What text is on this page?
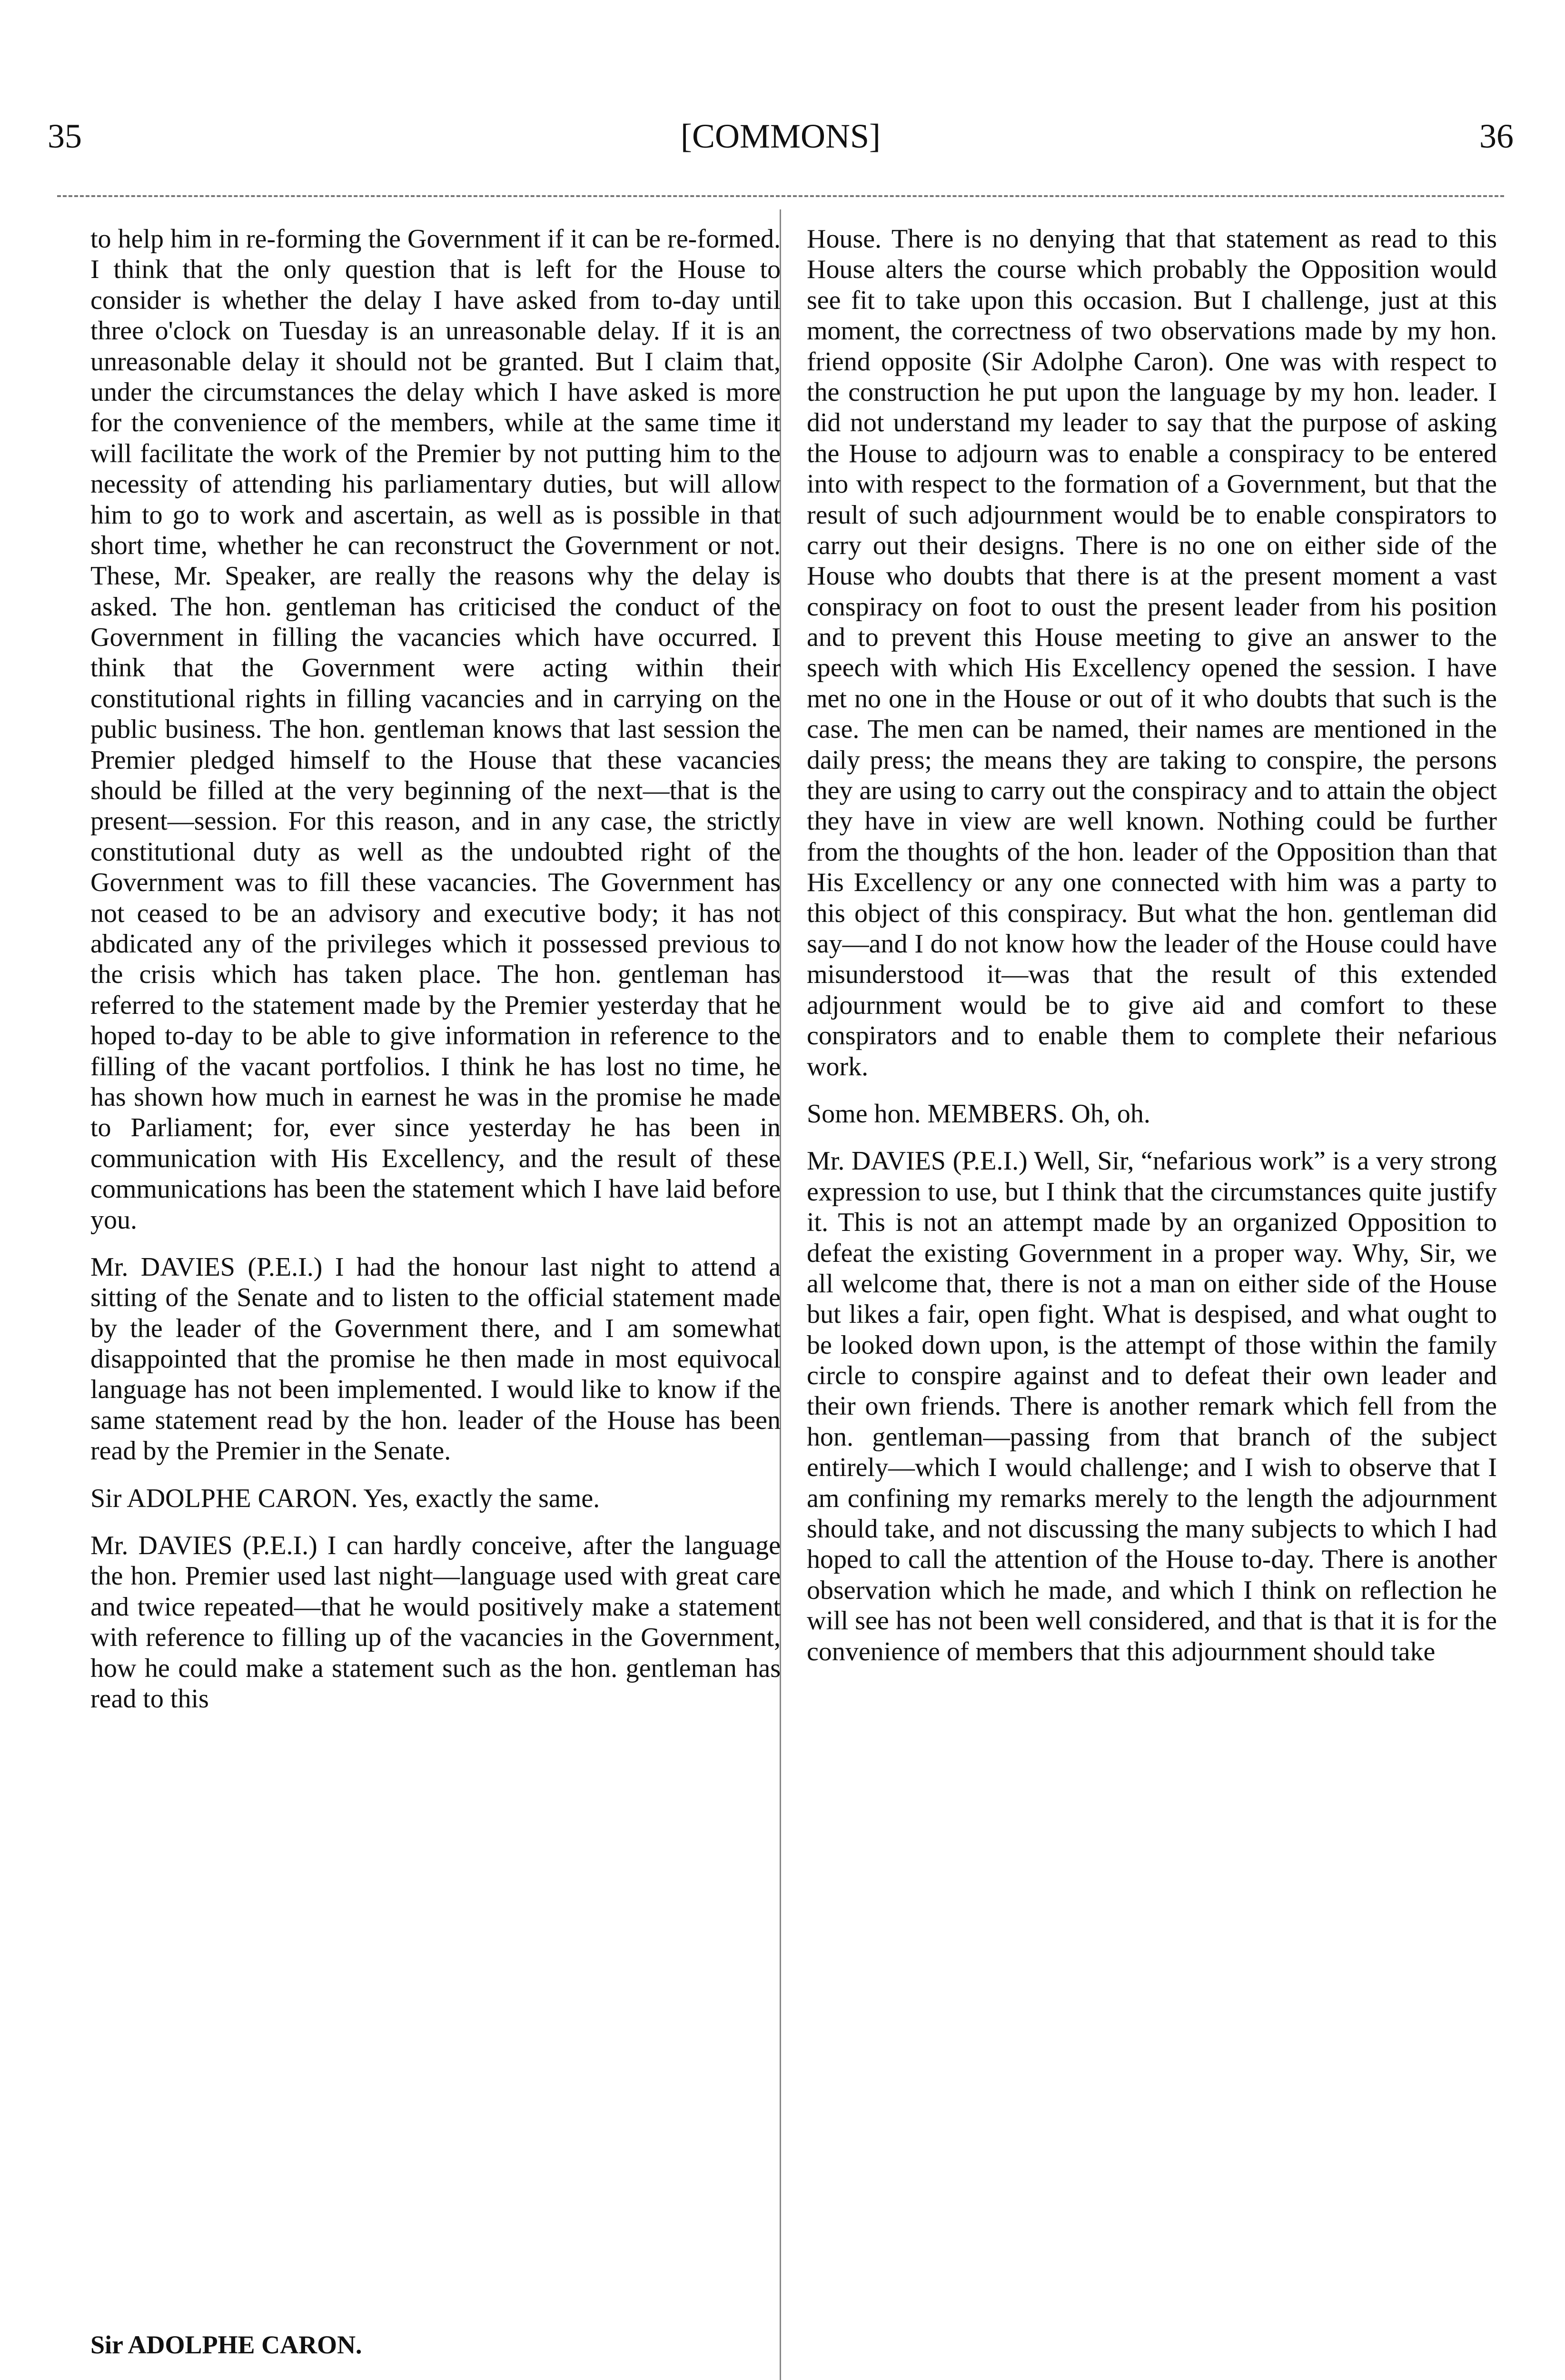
35	[COMMONS]	36

to help him in re-forming the Government if it can be re-formed. I think that the only question that is left for the House to consider is whether the delay I have asked from to-day until three o'clock on Tuesday is an unreasonable delay. If it is an unreasonable delay it should not be granted. But I claim that, under the circumstances the delay which I have asked is more for the convenience of the members, while at the same time it will facilitate the work of the Premier by not putting him to the necessity of attending his parliamentary duties, but will allow him to go to work and ascertain, as well as is possible in that short time, whether he can reconstruct the Government or not. These, Mr. Speaker, are really the reasons why the delay is asked. The hon. gentleman has criticised the conduct of the Government in filling the vacancies which have occurred. I think that the Government were acting within their constitutional rights in filling vacancies and in carrying on the public business. The hon. gentleman knows that last session the Premier pledged himself to the House that these vacancies should be filled at the very beginning of the next—that is the present—session. For this reason, and in any case, the strictly constitutional duty as well as the undoubted right of the Government was to fill these vacancies. The Government has not ceased to be an advisory and executive body; it has not abdicated any of the privileges which it possessed previous to the crisis which has taken place. The hon. gentleman has referred to the statement made by the Premier yesterday that he hoped to-day to be able to give information in reference to the filling of the vacant portfolios. I think he has lost no time, he has shown how much in earnest he was in the promise he made to Parliament; for, ever since yesterday he has been in communication with His Excellency, and the result of these communications has been the statement which I have laid before you.

Mr. DAVIES (P.E.I.) I had the honour last night to attend a sitting of the Senate and to listen to the official statement made by the leader of the Government there, and I am somewhat disappointed that the promise he then made in most equivocal language has not been implemented. I would like to know if the same statement read by the hon. leader of the House has been read by the Premier in the Senate.

Sir ADOLPHE CARON. Yes, exactly the same.

Mr. DAVIES (P.E.I.) I can hardly conceive, after the language the hon. Premier used last night—language used with great care and twice repeated—that he would positively make a statement with reference to filling up of the vacancies in the Government, how he could make a statement such as the hon. gentleman has read to this

House. There is no denying that that statement as read to this House alters the course which probably the Opposition would see fit to take upon this occasion. But I challenge, just at this moment, the correctness of two observations made by my hon. friend opposite (Sir Adolphe Caron). One was with respect to the construction he put upon the language by my hon. leader. I did not understand my leader to say that the purpose of asking the House to adjourn was to enable a conspiracy to be entered into with respect to the formation of a Government, but that the result of such adjournment would be to enable conspirators to carry out their designs. There is no one on either side of the House who doubts that there is at the present moment a vast conspiracy on foot to oust the present leader from his position and to prevent this House meeting to give an answer to the speech with which His Excellency opened the session. I have met no one in the House or out of it who doubts that such is the case. The men can be named, their names are mentioned in the daily press; the means they are taking to conspire, the persons they are using to carry out the conspiracy and to attain the object they have in view are well known. Nothing could be further from the thoughts of the hon. leader of the Opposition than that His Excellency or any one connected with him was a party to this object of this conspiracy. But what the hon. gentleman did say—and I do not know how the leader of the House could have misunderstood it—was that the result of this extended adjournment would be to give aid and comfort to these conspirators and to enable them to complete their nefarious work.

Some hon. MEMBERS. Oh, oh.

Mr. DAVIES (P.E.I.) Well, Sir, “nefarious work” is a very strong expression to use, but I think that the circumstances quite justify it. This is not an attempt made by an organized Opposition to defeat the existing Government in a proper way. Why, Sir, we all welcome that, there is not a man on either side of the House but likes a fair, open fight. What is despised, and what ought to be looked down upon, is the attempt of those within the family circle to conspire against and to defeat their own leader and their own friends. There is another remark which fell from the hon. gentleman—passing from that branch of the subject entirely—which I would challenge; and I wish to observe that I am confining my remarks merely to the length the adjournment should take, and not discussing the many subjects to which I had hoped to call the attention of the House to-day. There is another observation which he made, and which I think on reflection he will see has not been well considered, and that is that it is for the convenience of members that this adjournment should take

Sir ADOLPHE CARON.
